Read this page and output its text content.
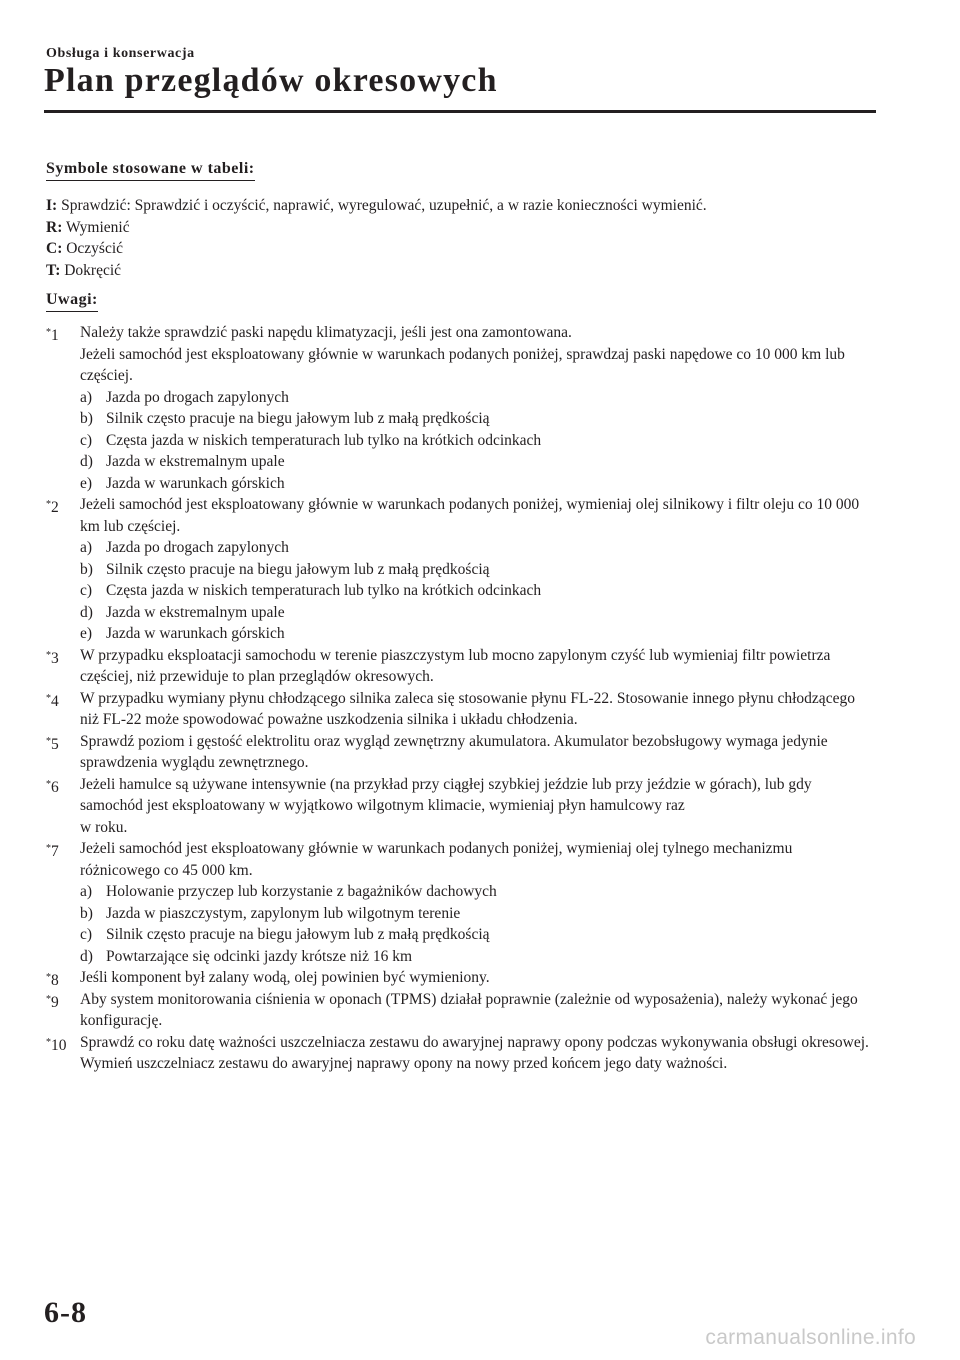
Obsługa i konserwacja
Plan przeglądów okresowych
Symbole stosowane w tabeli:
I: Sprawdzić: Sprawdzić i oczyścić, naprawić, wyregulować, uzupełnić, a w razie konieczności wymienić.
R: Wymienić
C: Oczyścić
T: Dokręcić
Uwagi:
*1 Należy także sprawdzić paski napędu klimatyzacji, jeśli jest ona zamontowana.
Jeżeli samochód jest eksploatowany głównie w warunkach podanych poniżej, sprawdzaj paski napędowe co 10 000 km lub częściej.
a) Jazda po drogach zapylonych
b) Silnik często pracuje na biegu jałowym lub z małą prędkością
c) Częsta jazda w niskich temperaturach lub tylko na krótkich odcinkach
d) Jazda w ekstremalnym upale
e) Jazda w warunkach górskich
*2 Jeżeli samochód jest eksploatowany głównie w warunkach podanych poniżej, wymieniaj olej silnikowy i filtr oleju co 10 000 km lub częściej.
a) Jazda po drogach zapylonych
b) Silnik często pracuje na biegu jałowym lub z małą prędkością
c) Częsta jazda w niskich temperaturach lub tylko na krótkich odcinkach
d) Jazda w ekstremalnym upale
e) Jazda w warunkach górskich
*3 W przypadku eksploatacji samochodu w terenie piaszczystym lub mocno zapylonym czyść lub wymieniaj filtr powietrza częściej, niż przewiduje to plan przeglądów okresowych.
*4 W przypadku wymiany płynu chłodzącego silnika zaleca się stosowanie płynu FL-22. Stosowanie innego płynu chłodzącego niż FL-22 może spowodować poważne uszkodzenia silnika i układu chłodzenia.
*5 Sprawdź poziom i gęstość elektrolitu oraz wygląd zewnętrzny akumulatora. Akumulator bezobsługowy wymaga jedynie sprawdzenia wyglądu zewnętrznego.
*6 Jeżeli hamulce są używane intensywnie (na przykład przy ciągłej szybkiej jeździe lub przy jeździe w górach), lub gdy samochód jest eksploatowany w wyjątkowo wilgotnym klimacie, wymieniaj płyn hamulcowy raz
w roku.
*7 Jeżeli samochód jest eksploatowany głównie w warunkach podanych poniżej, wymieniaj olej tylnego mechanizmu różnicowego co 45 000 km.
a) Holowanie przyczep lub korzystanie z bagażników dachowych
b) Jazda w piaszczystym, zapylonym lub wilgotnym terenie
c) Silnik często pracuje na biegu jałowym lub z małą prędkością
d) Powtarzające się odcinki jazdy krótsze niż 16 km
*8 Jeśli komponent był zalany wodą, olej powinien być wymieniony.
*9 Aby system monitorowania ciśnienia w oponach (TPMS) działał poprawnie (zależnie od wyposażenia), należy wykonać jego konfigurację.
*10 Sprawdź co roku datę ważności uszczelniacza zestawu do awaryjnej naprawy opony podczas wykonywania obsługi okresowej. Wymień uszczelniacz zestawu do awaryjnej naprawy opony na nowy przed końcem jego daty ważności.
6-8
carmanualsonline.info
